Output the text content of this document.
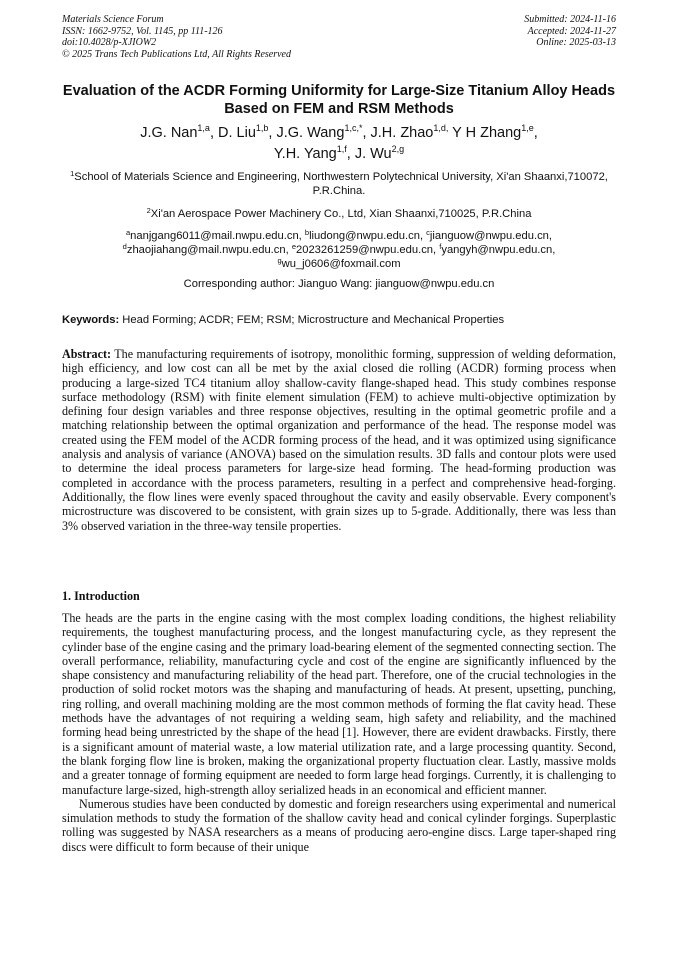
Materials Science Forum
ISSN: 1662-9752, Vol. 1145, pp 111-126
doi:10.4028/p-XJIOW2
© 2025 Trans Tech Publications Ltd, All Rights Reserved
Submitted: 2024-11-16
Accepted: 2024-11-27
Online: 2025-03-13
Evaluation of the ACDR Forming Uniformity for Large-Size Titanium Alloy Heads Based on FEM and RSM Methods
J.G. Nan$^{1,a}$, D. Liu$^{1,b}$, J.G. Wang$^{1,c,*}$, J.H. Zhao$^{1,d,}$ Y H Zhang$^{1,e}$,
Y.H. Yang$^{1,f}$, J. Wu$^{2,g}$
$^1$School of Materials Science and Engineering, Northwestern Polytechnical University, Xi'an Shaanxi,710072, P.R.China.
$^2$Xi'an Aerospace Power Machinery Co., Ltd, Xian Shaanxi,710025, P.R.China
$^a$nanjgang6011@mail.nwpu.edu.cn, $^b$liudong@nwpu.edu.cn, $^c$jianguow@nwpu.edu.cn,
$^d$zhaojiahang@mail.nwpu.edu.cn, $^e$2023261259@nwpu.edu.cn, $^f$yangyh@nwpu.edu.cn,
$^g$wu_j0606@foxmail.com
Corresponding author: Jianguo Wang: jianguow@nwpu.edu.cn
Keywords: Head Forming; ACDR; FEM; RSM; Microstructure and Mechanical Properties
Abstract: The manufacturing requirements of isotropy, monolithic forming, suppression of welding deformation, high efficiency, and low cost can all be met by the axial closed die rolling (ACDR) forming process when producing a large-sized TC4 titanium alloy shallow-cavity flange-shaped head. This study combines response surface methodology (RSM) with finite element simulation (FEM) to achieve multi-objective optimization by defining four design variables and three response objectives, resulting in the optimal geometric profile and a matching relationship between the optimal organization and performance of the head. The response model was created using the FEM model of the ACDR forming process of the head, and it was optimized using significance analysis and analysis of variance (ANOVA) based on the simulation results. 3D falls and contour plots were used to determine the ideal process parameters for large-size head forming. The head-forming production was completed in accordance with the process parameters, resulting in a perfect and comprehensive head-forging. Additionally, the flow lines were evenly spaced throughout the cavity and easily observable. Every component's microstructure was discovered to be consistent, with grain sizes up to 5-grade. Additionally, there was less than 3% observed variation in the three-way tensile properties.
1. Introduction

The heads are the parts in the engine casing with the most complex loading conditions, the highest reliability requirements, the toughest manufacturing process, and the longest manufacturing cycle, as they represent the cylinder base of the engine casing and the primary load-bearing element of the segmented connecting section. The overall performance, reliability, manufacturing cycle and cost of the engine are significantly influenced by the shape consistency and manufacturing reliability of the head part. Therefore, one of the crucial technologies in the production of solid rocket motors was the shaping and manufacturing of heads. At present, upsetting, punching, ring rolling, and overall machining molding are the most common methods of forming the flat cavity head. These methods have the advantages of not requiring a welding seam, high safety and reliability, and the machined forming head being unrestricted by the shape of the head [1]. However, there are evident drawbacks. Firstly, there is a significant amount of material waste, a low material utilization rate, and a large processing quantity. Second, the blank forging flow line is broken, making the organizational property fluctuation clear. Lastly, massive molds and a greater tonnage of forming equipment are needed to form large head forgings. Currently, it is challenging to manufacture large-sized, high-strength alloy serialized heads in an economical and efficient manner.

Numerous studies have been conducted by domestic and foreign researchers using experimental and numerical simulation methods to study the formation of the shallow cavity head and conical cylinder forgings. Superplastic rolling was suggested by NASA researchers as a means of producing aero-engine discs. Large taper-shaped ring discs were difficult to form because of their unique
